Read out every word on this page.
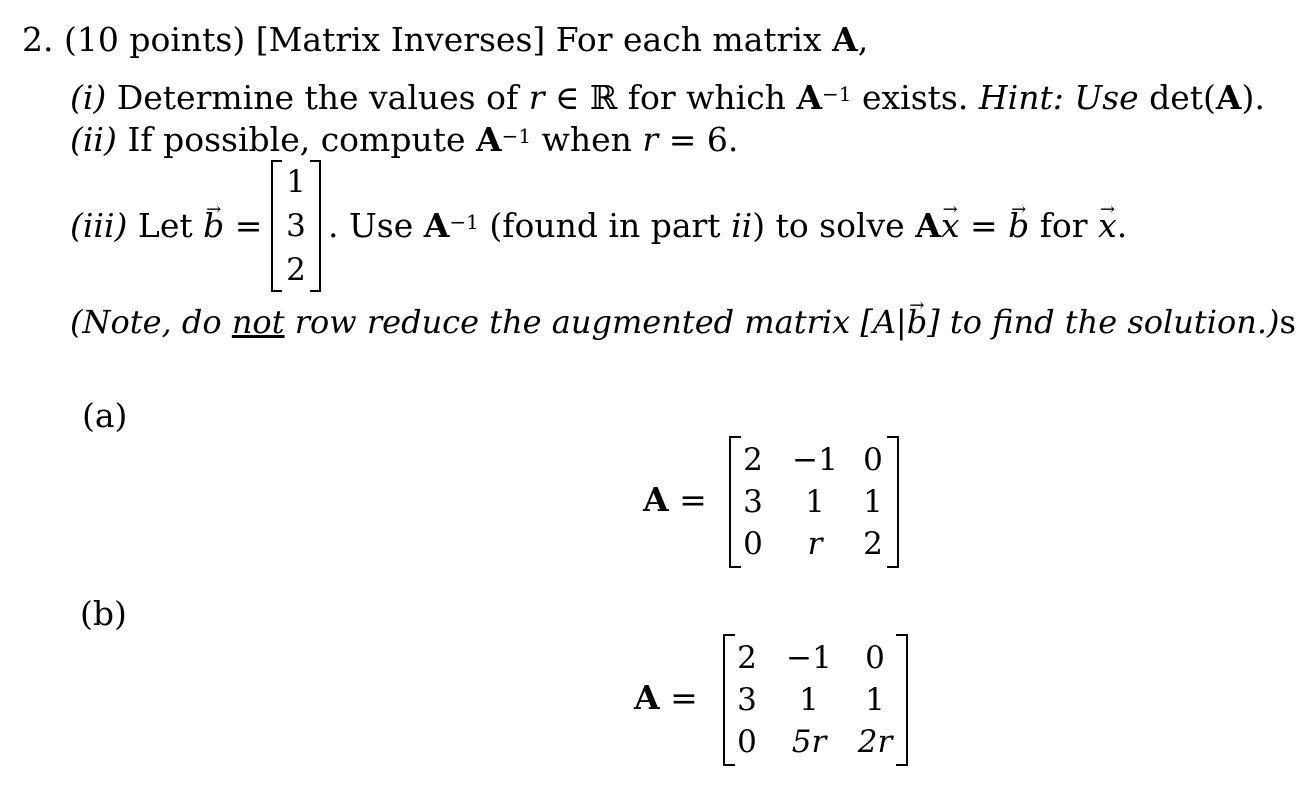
2. (10 points) [Matrix Inverses] For each matrix A,
(i) Determine the values of r ∈ ℝ for which $A^{-1}$ exists. Hint: Use det(A).
(ii) If possible, compute $A^{-1}$ when r = 6.
(iii) Let → b =
1
3
2
. Use $A^{-1}$ (found in part ii) to solve A→ x = → b for → x.
(Note, do not row reduce the augmented matrix [A|→ b] to find the solution.)s
(a)
A =
2 −1 0
3	1	1
0	r	2
(b)
A =
2 −1	0
3	1	1
0	5r	2r
